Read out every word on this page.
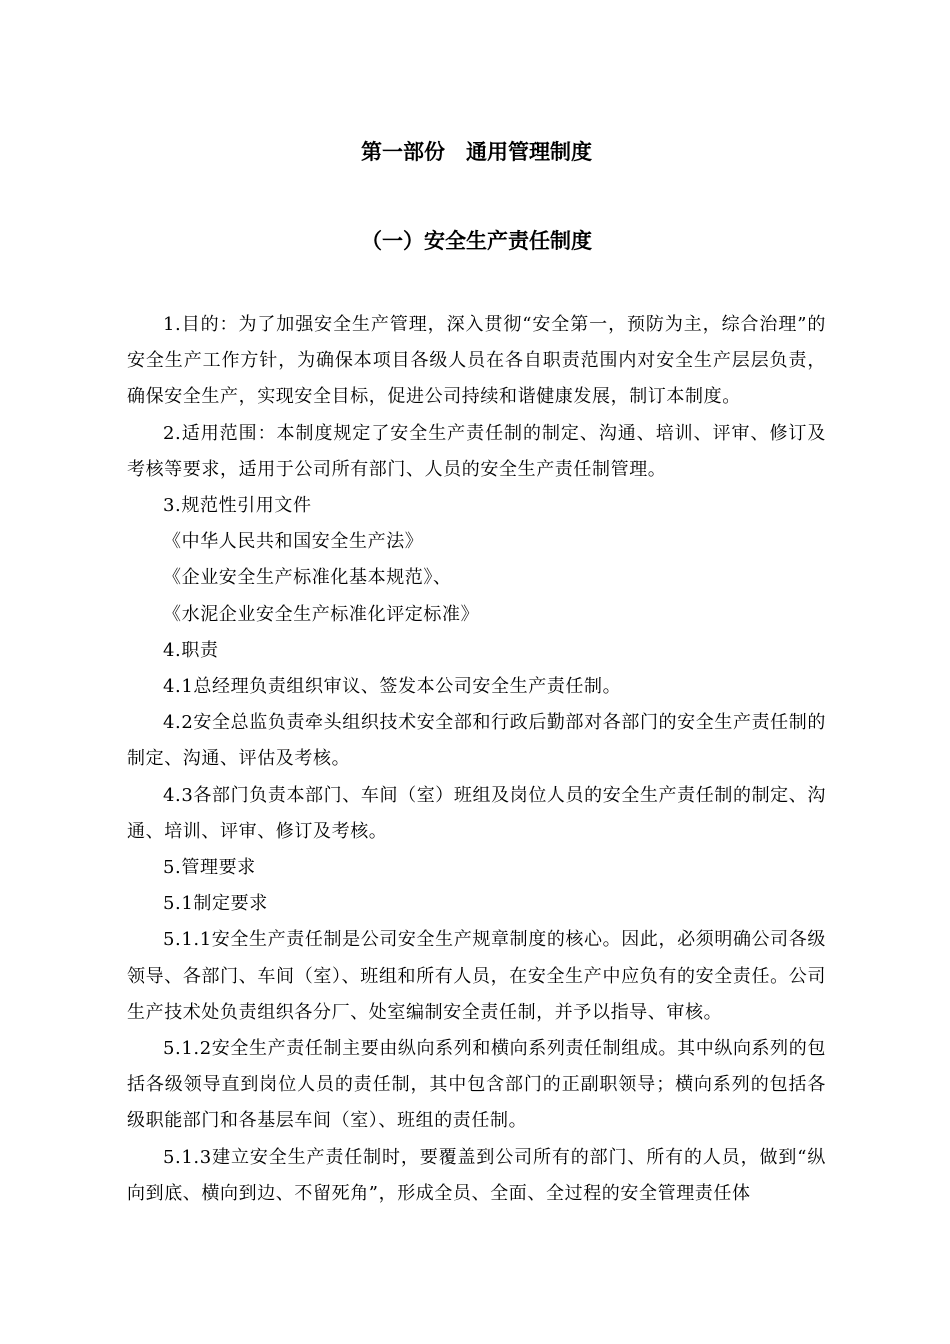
第一部份　通用管理制度
（一）安全生产责任制度

1.目的：为了加强安全生产管理，深入贯彻“安全第一，预防为主，综合治理”的安全生产工作方针，为确保本项目各级人员在各自职责范围内对安全生产层层负责，确保安全生产，实现安全目标，促进公司持续和谐健康发展，制订本制度。

2.适用范围：本制度规定了安全生产责任制的制定、沟通、培训、评审、修订及考核等要求，适用于公司所有部门、人员的安全生产责任制管理。

3.规范性引用文件

《中华人民共和国安全生产法》

《企业安全生产标准化基本规范》、

《水泥企业安全生产标准化评定标准》

4.职责

4.1总经理负责组织审议、签发本公司安全生产责任制。

4.2安全总监负责牵头组织技术安全部和行政后勤部对各部门的安全生产责任制的制定、沟通、评估及考核。

4.3各部门负责本部门、车间（室）班组及岗位人员的安全生产责任制的制定、沟通、培训、评审、修订及考核。

5.管理要求

5.1制定要求

5.1.1安全生产责任制是公司安全生产规章制度的核心。因此，必须明确公司各级领导、各部门、车间（室）、班组和所有人员，在安全生产中应负有的安全责任。公司生产技术处负责组织各分厂、处室编制安全责任制，并予以指导、审核。

5.1.2安全生产责任制主要由纵向系列和横向系列责任制组成。其中纵向系列的包括各级领导直到岗位人员的责任制，其中包含部门的正副职领导；横向系列的包括各级职能部门和各基层车间（室）、班组的责任制。

5.1.3建立安全生产责任制时，要覆盖到公司所有的部门、所有的人员，做到“纵向到底、横向到边、不留死角”，形成全员、全面、全过程的安全管理责任体
